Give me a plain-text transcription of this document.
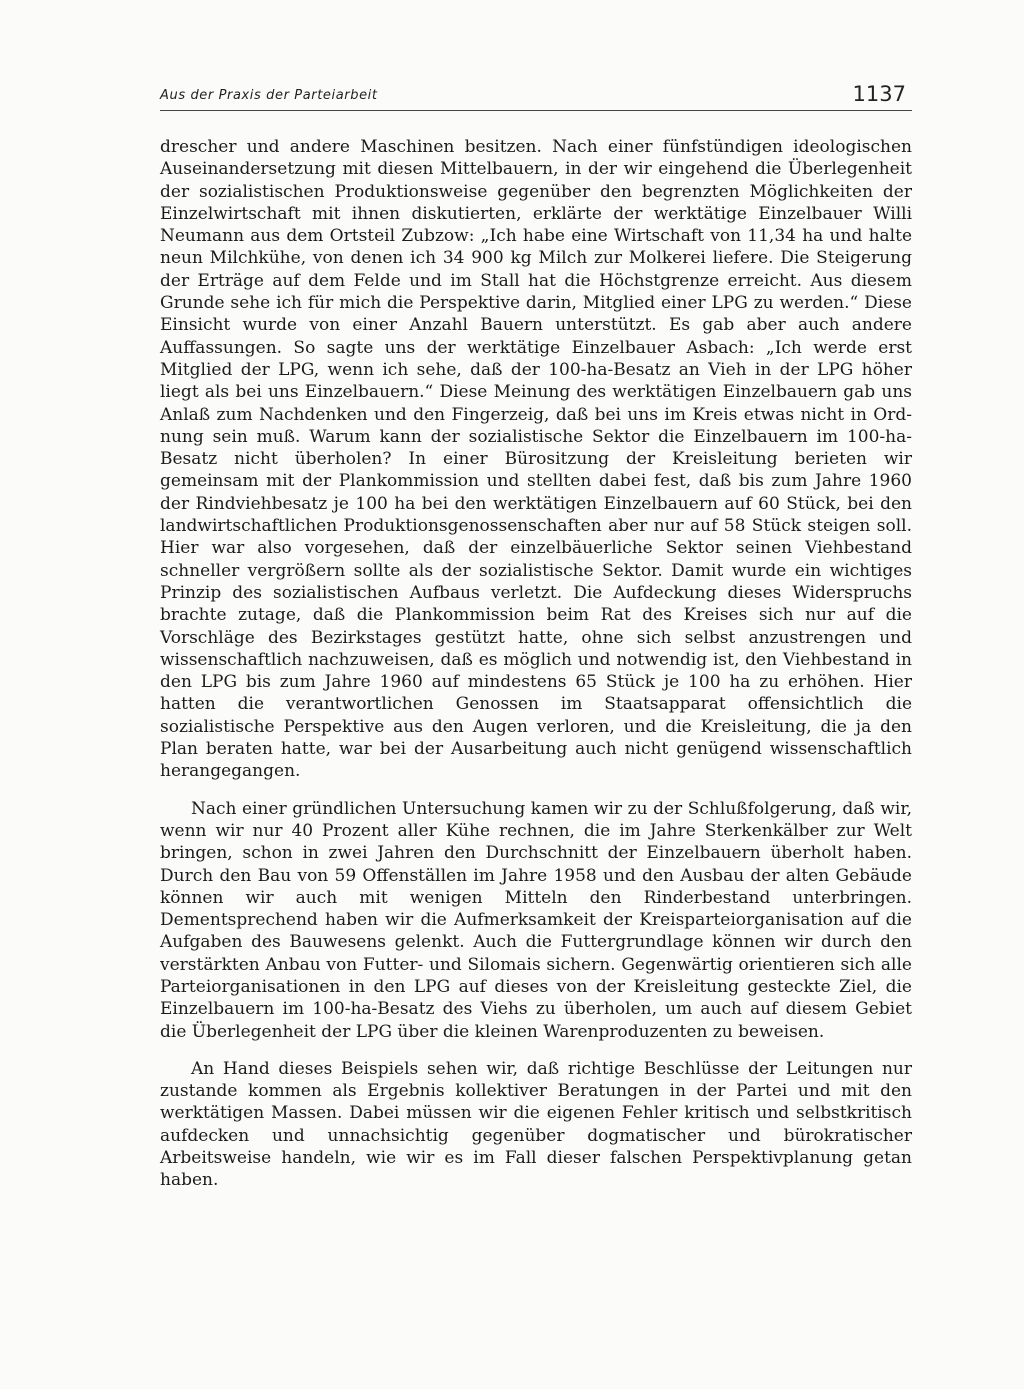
Aus der Praxis der Parteiarbeit	1137

drescher und andere Maschinen besitzen. Nach einer fünfstündigen ideologischen Auseinandersetzung mit diesen Mittelbauern, in der wir eingehend die Überlegenheit der sozialistischen Produktionsweise gegenüber den begrenzten Möglichkeiten der Einzelwirtschaft mit ihnen diskutierten, erklärte der werktätige Einzelbauer Willi Neumann aus dem Ortsteil Zubzow: „Ich habe eine Wirtschaft von 11,34 ha und halte neun Milchkühe, von denen ich 34 900 kg Milch zur Molkerei liefere. Die Steigerung der Erträge auf dem Felde und im Stall hat die Höchstgrenze erreicht. Aus diesem Grunde sehe ich für mich die Perspektive darin, Mitglied einer LPG zu werden.“ Diese Einsicht wurde von einer Anzahl Bauern unterstützt. Es gab aber auch andere Auffassungen. So sagte uns der werktätige Einzelbauer Asbach: „Ich werde erst Mitglied der LPG, wenn ich sehe, daß der 100-ha-Besatz an Vieh in der LPG höher liegt als bei uns Einzelbauern.“ Diese Meinung des werktätigen Einzelbauern gab uns Anlaß zum Nachdenken und den Fingerzeig, daß bei uns im Kreis etwas nicht in Ordnung sein muß. Warum kann der sozialistische Sektor die Einzelbauern im 100-ha-Besatz nicht überholen? In einer Bürositzung der Kreisleitung berieten wir gemeinsam mit der Plankommission und stellten dabei fest, daß bis zum Jahre 1960 der Rindviehbesatz je 100 ha bei den werktätigen Einzelbauern auf 60 Stück, bei den landwirtschaftlichen Produktionsgenossenschaften aber nur auf 58 Stück steigen soll. Hier war also vorgesehen, daß der einzelbäuerliche Sektor seinen Viehbestand schneller vergrößern sollte als der sozialistische Sektor. Damit wurde ein wichtiges Prinzip des sozialistischen Aufbaus verletzt. Die Aufdeckung dieses Widerspruchs brachte zutage, daß die Plankommission beim Rat des Kreises sich nur auf die Vorschläge des Bezirkstages gestützt hatte, ohne sich selbst anzustrengen und wissenschaftlich nachzuweisen, daß es möglich und notwendig ist, den Viehbestand in den LPG bis zum Jahre 1960 auf mindestens 65 Stück je 100 ha zu erhöhen. Hier hatten die verantwortlichen Genossen im Staatsapparat offensichtlich die sozialistische Perspektive aus den Augen verloren, und die Kreisleitung, die ja den Plan beraten hatte, war bei der Ausarbeitung auch nicht genügend wissenschaftlich herangegangen.

Nach einer gründlichen Untersuchung kamen wir zu der Schlußfolgerung, daß wir, wenn wir nur 40 Prozent aller Kühe rechnen, die im Jahre Sterkenkälber zur Welt bringen, schon in zwei Jahren den Durchschnitt der Einzelbauern überholt haben. Durch den Bau von 59 Offenställen im Jahre 1958 und den Ausbau der alten Gebäude können wir auch mit wenigen Mitteln den Rinderbestand unterbringen. Dementsprechend haben wir die Aufmerksamkeit der Kreisparteiorganisation auf die Aufgaben des Bauwesens gelenkt. Auch die Futtergrundlage können wir durch den verstärkten Anbau von Futter- und Silomais sichern. Gegenwärtig orientieren sich alle Parteiorganisationen in den LPG auf dieses von der Kreisleitung gesteckte Ziel, die Einzelbauern im 100-ha-Besatz des Viehs zu überholen, um auch auf diesem Gebiet die Überlegenheit der LPG über die kleinen Warenproduzenten zu beweisen.

An Hand dieses Beispiels sehen wir, daß richtige Beschlüsse der Leitungen nur zustande kommen als Ergebnis kollektiver Beratungen in der Partei und mit den werktätigen Massen. Dabei müssen wir die eigenen Fehler kritisch und selbstkritisch aufdecken und unnachsichtig gegenüber dogmatischer und bürokratischer Arbeitsweise handeln, wie wir es im Fall dieser falschen Perspektivplanung getan haben.
